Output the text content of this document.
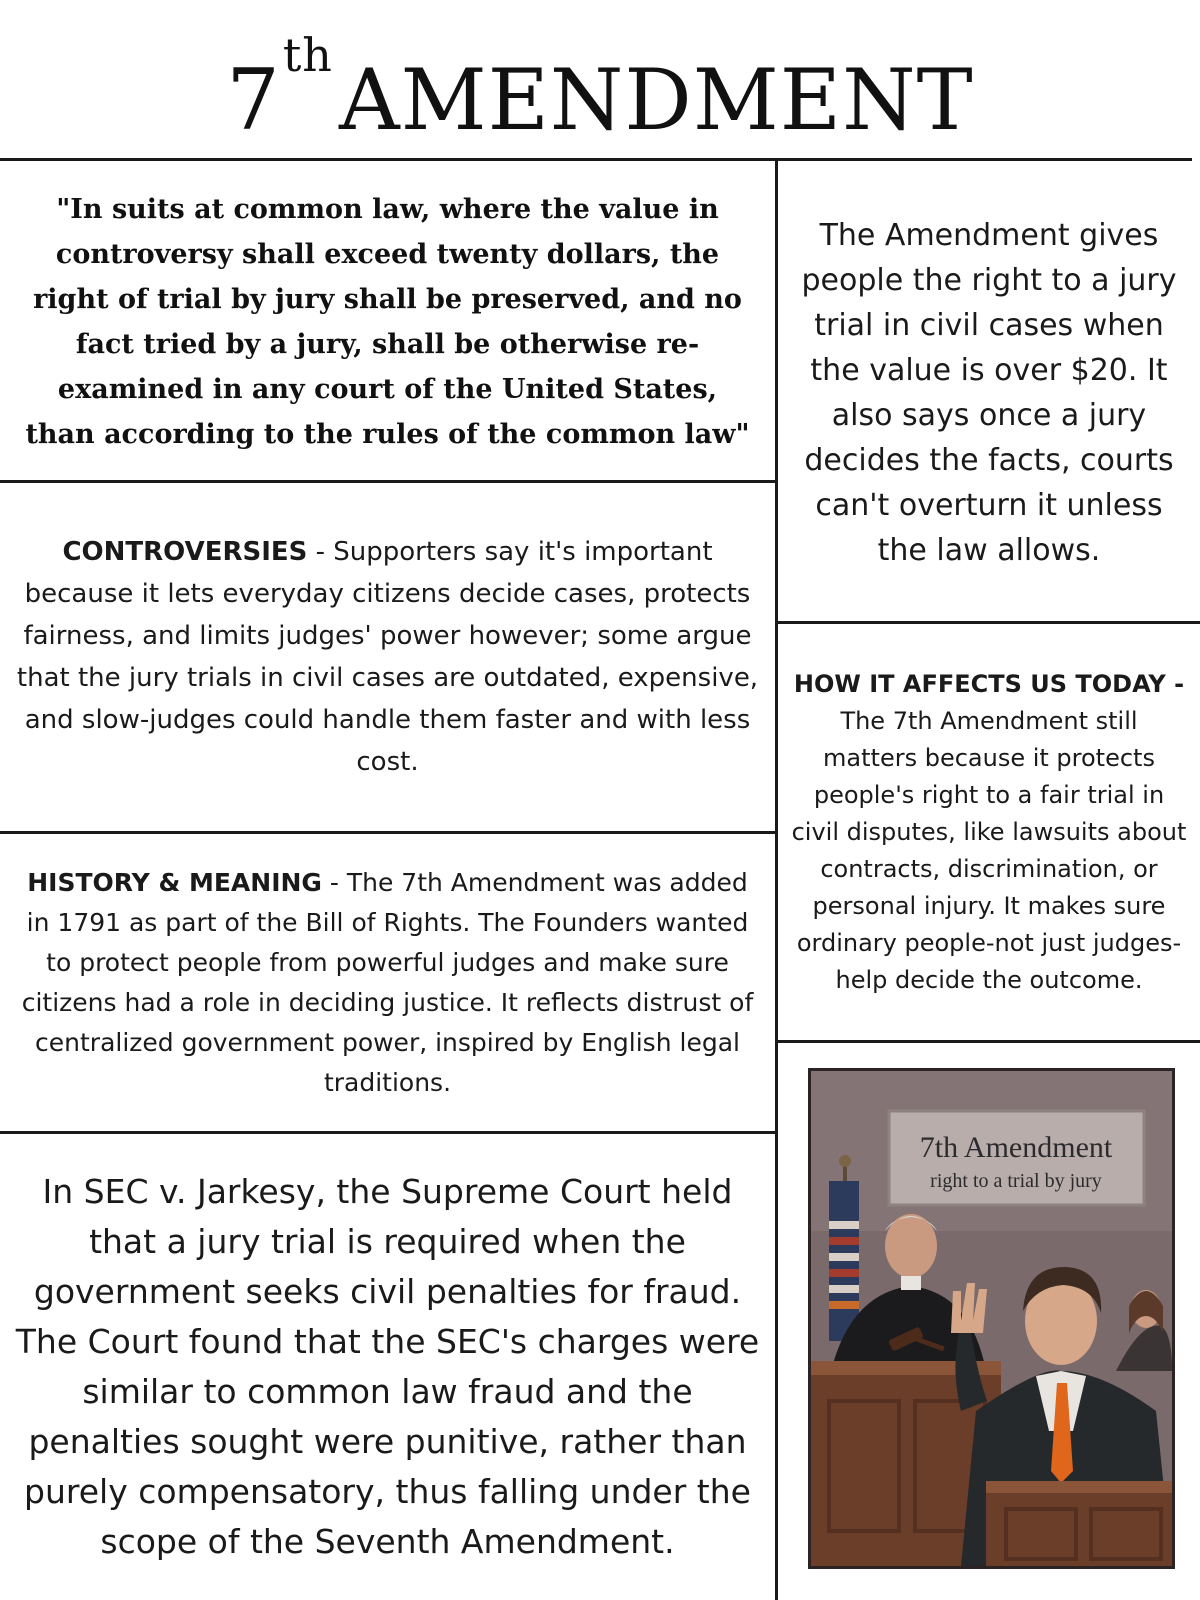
7thAMENDMENT
"In suits at common law, where the value in controversy shall exceed twenty dollars, the right of trial by jury shall be preserved, and no fact tried by a jury, shall be otherwise re-examined in any court of the United States, than according to the rules of the common law"
The Amendment gives people the right to a jury trial in civil cases when the value is over $20. It also says once a jury decides the facts, courts can't overturn it unless the law allows.
CONTROVERSIES - Supporters say it's important because it lets everyday citizens decide cases, protects fairness, and limits judges' power however; some argue that the jury trials in civil cases are outdated, expensive, and slow-judges could handle them faster and with less cost.
HISTORY & MEANING - The 7th Amendment was added in 1791 as part of the Bill of Rights. The Founders wanted to protect people from powerful judges and make sure citizens had a role in deciding justice. It reflects distrust of centralized government power, inspired by English legal traditions.
HOW IT AFFECTS US TODAY -
The 7th Amendment still matters because it protects people's right to a fair trial in civil disputes, like lawsuits about contracts, discrimination, or personal injury. It makes sure ordinary people-not just judges-help decide the outcome.
In SEC v. Jarkesy, the Supreme Court held that a jury trial is required when the government seeks civil penalties for fraud. The Court found that the SEC's charges were similar to common law fraud and the penalties sought were punitive, rather than purely compensatory, thus falling under the scope of the Seventh Amendment.
7th Amendment
right to a trial by jury
